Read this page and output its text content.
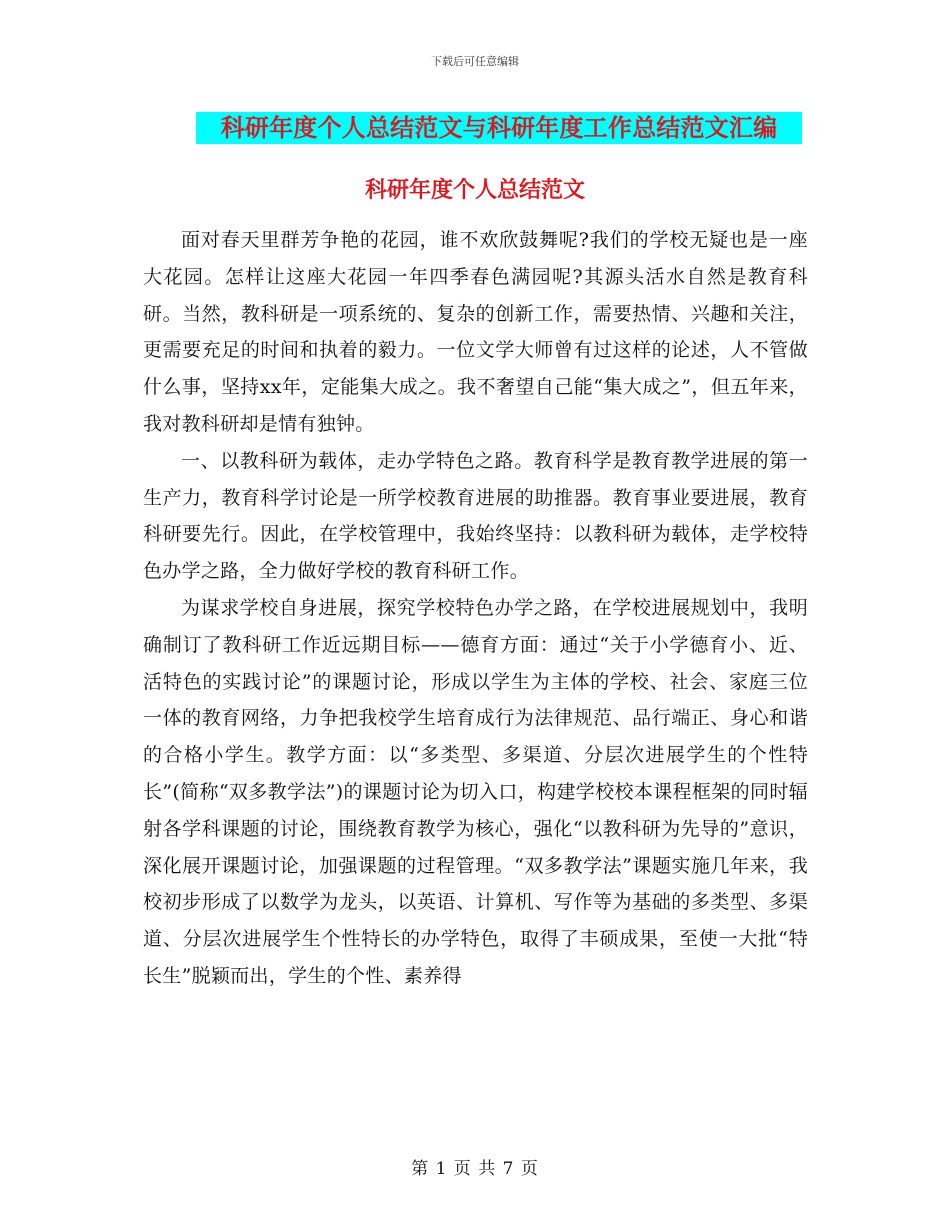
下载后可任意编辑
科研年度个人总结范文与科研年度工作总结范文汇编
科研年度个人总结范文

面对春天里群芳争艳的花园，谁不欢欣鼓舞呢?我们的学校无疑也是一座大花园。怎样让这座大花园一年四季春色满园呢?其源头活水自然是教育科研。当然，教科研是一项系统的、复杂的创新工作，需要热情、兴趣和关注，更需要充足的时间和执着的毅力。一位文学大师曾有过这样的论述，人不管做什么事，坚持xx年，定能集大成之。我不奢望自己能“集大成之”，但五年来，我对教科研却是情有独钟。

一、以教科研为载体，走办学特色之路。教育科学是教育教学进展的第一生产力，教育科学讨论是一所学校教育进展的助推器。教育事业要进展，教育科研要先行。因此，在学校管理中，我始终坚持：以教科研为载体，走学校特色办学之路，全力做好学校的教育科研工作。

为谋求学校自身进展，探究学校特色办学之路，在学校进展规划中，我明确制订了教科研工作近远期目标——德育方面：通过“关于小学德育小、近、活特色的实践讨论”的课题讨论，形成以学生为主体的学校、社会、家庭三位一体的教育网络，力争把我校学生培育成行为法律规范、品行端正、身心和谐的合格小学生。教学方面：以“多类型、多渠道、分层次进展学生的个性特长”(简称“双多教学法”)的课题讨论为切入口，构建学校校本课程框架的同时辐射各学科课题的讨论，围绕教育教学为核心，强化“以教科研为先导的”意识，深化展开课题讨论，加强课题的过程管理。“双多教学法”课题实施几年来，我校初步形成了以数学为龙头，以英语、计算机、写作等为基础的多类型、多渠道、分层次进展学生个性特长的办学特色，取得了丰硕成果，至使一大批“特长生”脱颖而出，学生的个性、素养得

第 1 页 共 7 页
